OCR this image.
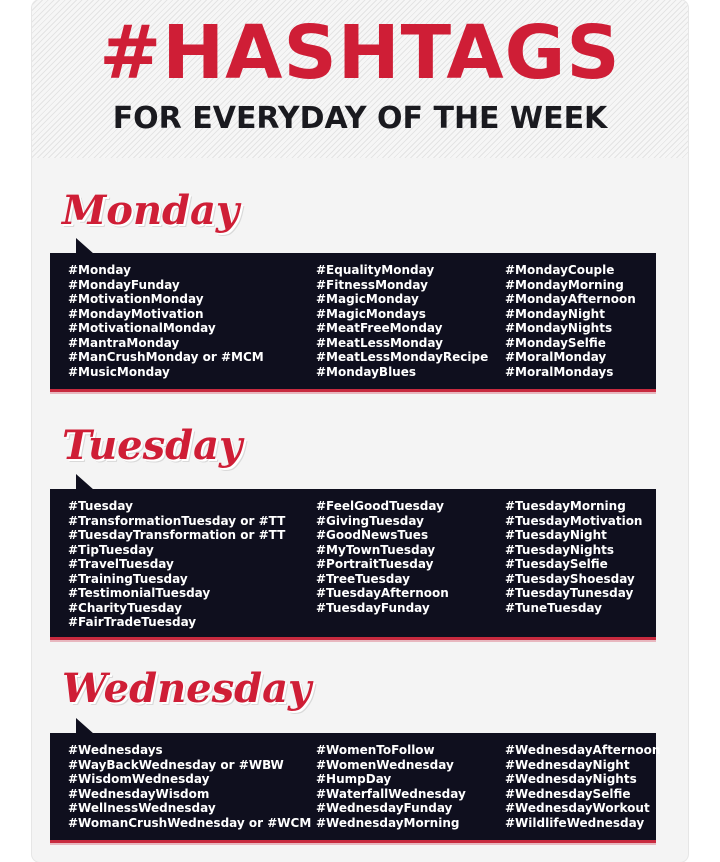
#HASHTAGS
FOR EVERYDAY OF THE WEEK
Monday
#Monday
#MondayFunday
#MotivationMonday
#MondayMotivation
#MotivationalMonday
#MantraMonday
#ManCrushMonday or #MCM
#MusicMonday
#EqualityMonday
#FitnessMonday
#MagicMonday
#MagicMondays
#MeatFreeMonday
#MeatLessMonday
#MeatLessMondayRecipe
#MondayBlues
#MondayCouple
#MondayMorning
#MondayAfternoon
#MondayNight
#MondayNights
#MondaySelfie
#MoralMonday
#MoralMondays
Tuesday
#Tuesday
#TransformationTuesday or #TT
#TuesdayTransformation or #TT
#TipTuesday
#TravelTuesday
#TrainingTuesday
#TestimonialTuesday
#CharityTuesday
#FairTradeTuesday
#FeelGoodTuesday
#GivingTuesday
#GoodNewsTues
#MyTownTuesday
#PortraitTuesday
#TreeTuesday
#TuesdayAfternoon
#TuesdayFunday
#TuesdayMorning
#TuesdayMotivation
#TuesdayNight
#TuesdayNights
#TuesdaySelfie
#TuesdayShoesday
#TuesdayTunesday
#TuneTuesday
Wednesday
#Wednesdays
#WayBackWednesday or #WBW
#WisdomWednesday
#WednesdayWisdom
#WellnessWednesday
#WomanCrushWednesday or #WCM
#WomenToFollow
#WomenWednesday
#HumpDay
#WaterfallWednesday
#WednesdayFunday
#WednesdayMorning
#WednesdayAfternoon
#WednesdayNight
#WednesdayNights
#WednesdaySelfie
#WednesdayWorkout
#WildlifeWednesday
